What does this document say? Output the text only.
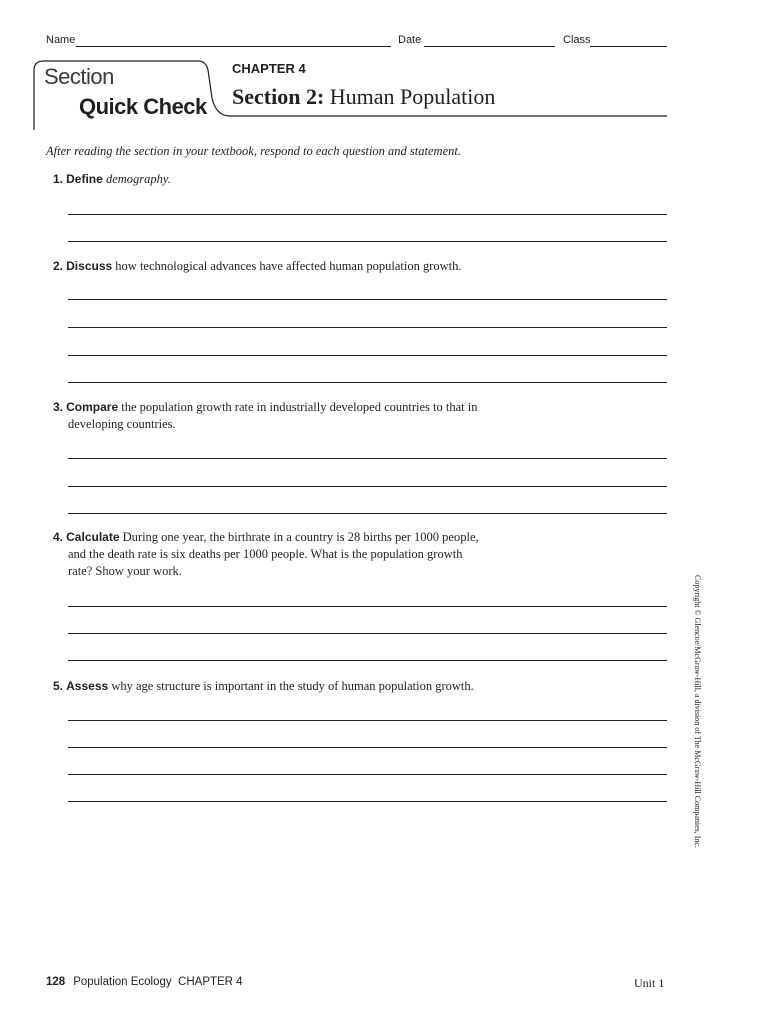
Name	Date	Class
Section
Quick Check
CHAPTER 4
Section 2: Human Population
After reading the section in your textbook, respond to each question and statement.
1. Define demography.
2. Discuss how technological advances have affected human population growth.
3. Compare the population growth rate in industrially developed countries to that in
developing countries.
4. Calculate During one year, the birthrate in a country is 28 births per 1000 people,
and the death rate is six deaths per 1000 people. What is the population growth
rate? Show your work.
5. Assess why age structure is important in the study of human population growth.	Copyright © Glencoe/McGraw-Hill, a division of The McGraw-Hill Companies, Inc.
128 Population Ecology  CHAPTER 4	Unit 1
